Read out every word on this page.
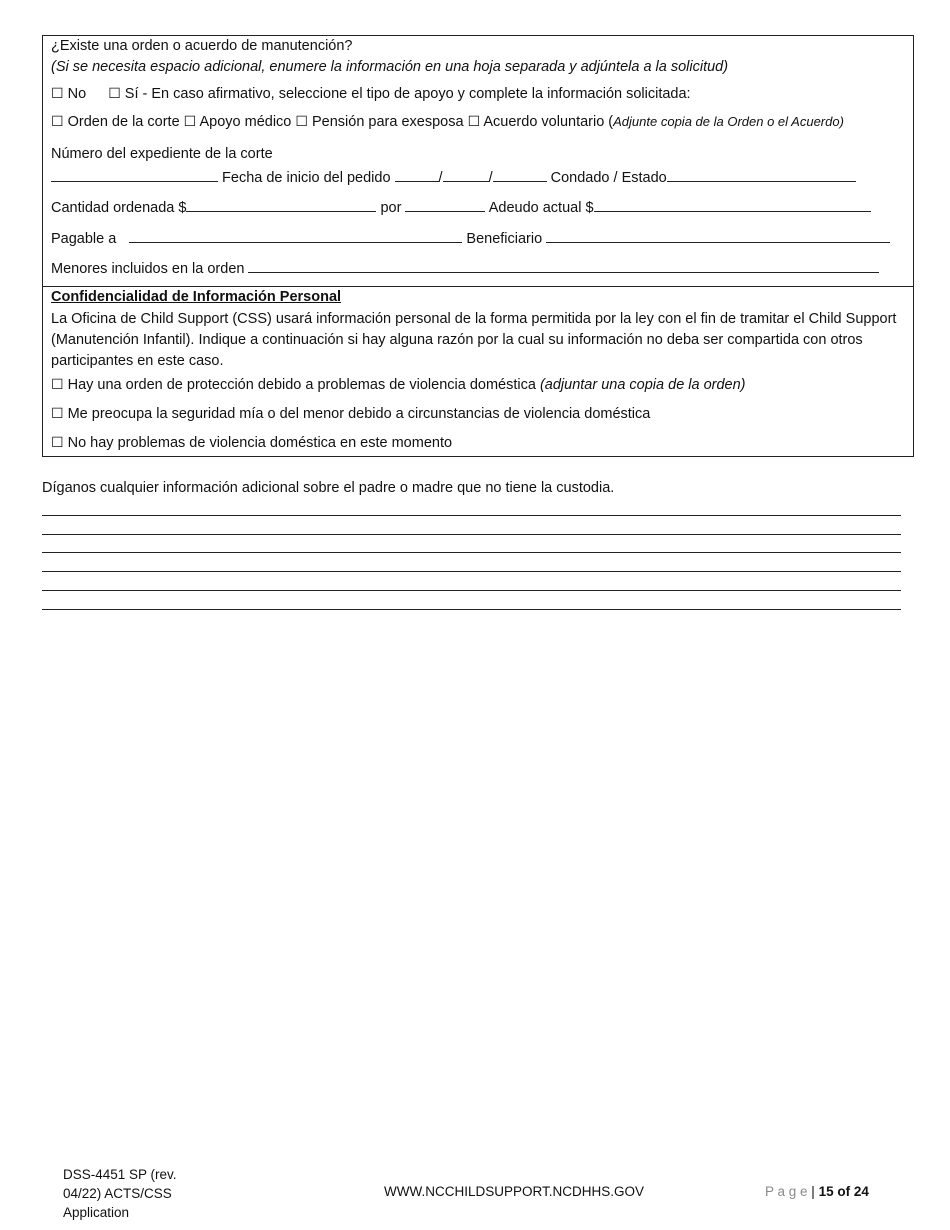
¿Existe una orden o acuerdo de manutención?
(Si se necesita espacio adicional, enumere la información en una hoja separada y adjúntela a la solicitud)
☐ No ☐ Sí - En caso afirmativo, seleccione el tipo de apoyo y complete la información solicitada:
☐ Orden de la corte ☐ Apoyo médico ☐ Pensión para exesposa ☐ Acuerdo voluntario (Adjunte copia de la Orden o el Acuerdo)
Número del expediente de la corte
Fecha de inicio del pedido	/	/	Condado / Estado
Cantidad ordenada $	por	Adeudo actual $
Pagable a	Beneficiario
Menores incluidos en la orden
Confidencialidad de Información Personal
La Oficina de Child Support (CSS) usará información personal de la forma permitida por la ley con el fin de tramitar el Child Support (Manutención Infantil). Indique a continuación si hay alguna razón por la cual su información no deba ser compartida con otros participantes en este caso.
☐ Hay una orden de protección debido a problemas de violencia doméstica (adjuntar una copia de la orden)
☐ Me preocupa la seguridad mía o del menor debido a circunstancias de violencia doméstica
☐ No hay problemas de violencia doméstica en este momento
Díganos cualquier información adicional sobre el padre o madre que no tiene la custodia.
DSS-4451 SP (rev.
04/22) ACTS/CSS
Application
WWW.NCCHILDSUPPORT.NCDHHS.GOV	P a g e | 15 of 24
